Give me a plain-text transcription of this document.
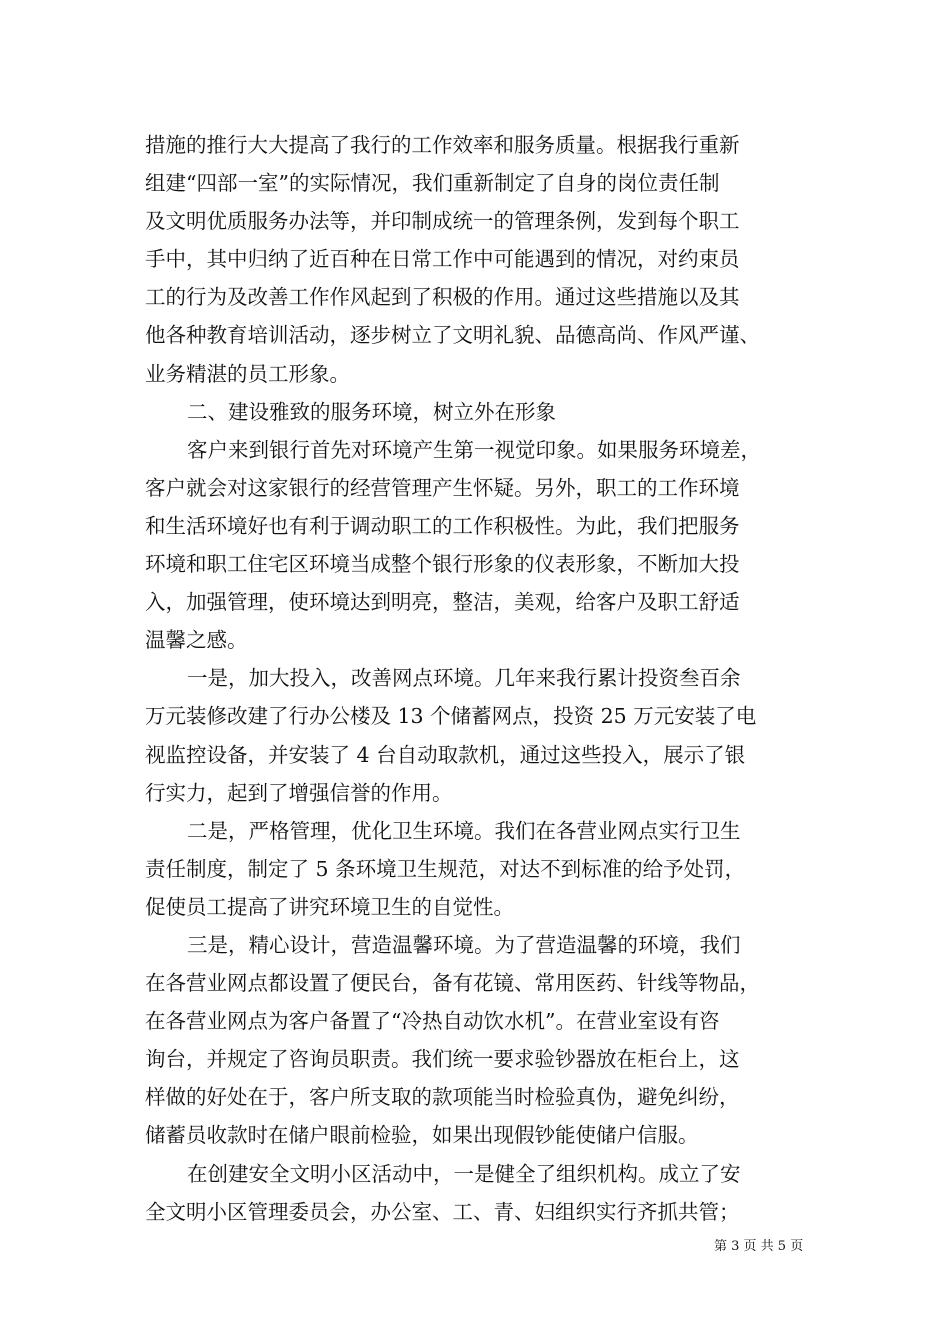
措施的推行大大提高了我行的工作效率和服务质量。根据我行重新
组建“四部一室”的实际情况，我们重新制定了自身的岗位责任制
及文明优质服务办法等，并印制成统一的管理条例，发到每个职工
手中，其中归纳了近百种在日常工作中可能遇到的情况，对约束员
工的行为及改善工作作风起到了积极的作用。通过这些措施以及其
他各种教育培训活动，逐步树立了文明礼貌、品德高尚、作风严谨、
业务精湛的员工形象。
二、建设雅致的服务环境，树立外在形象
客户来到银行首先对环境产生第一视觉印象。如果服务环境差，
客户就会对这家银行的经营管理产生怀疑。另外，职工的工作环境
和生活环境好也有利于调动职工的工作积极性。为此，我们把服务
环境和职工住宅区环境当成整个银行形象的仪表形象，不断加大投
入，加强管理，使环境达到明亮，整洁，美观，给客户及职工舒适
温馨之感。
一是，加大投入，改善网点环境。几年来我行累计投资叁百余
万元装修改建了行办公楼及 13 个储蓄网点，投资 25 万元安装了电
视监控设备，并安装了 4 台自动取款机，通过这些投入，展示了银
行实力，起到了增强信誉的作用。
二是，严格管理，优化卫生环境。我们在各营业网点实行卫生
责任制度，制定了 5 条环境卫生规范，对达不到标准的给予处罚，
促使员工提高了讲究环境卫生的自觉性。
三是，精心设计，营造温馨环境。为了营造温馨的环境，我们
在各营业网点都设置了便民台，备有花镜、常用医药、针线等物品，
在各营业网点为客户备置了“冷热自动饮水机”。在营业室设有咨
询台，并规定了咨询员职责。我们统一要求验钞器放在柜台上，这
样做的好处在于，客户所支取的款项能当时检验真伪，避免纠纷，
储蓄员收款时在储户眼前检验，如果出现假钞能使储户信服。
在创建安全文明小区活动中，一是健全了组织机构。成立了安
全文明小区管理委员会，办公室、工、青、妇组织实行齐抓共管；
第 3 页 共 5 页
